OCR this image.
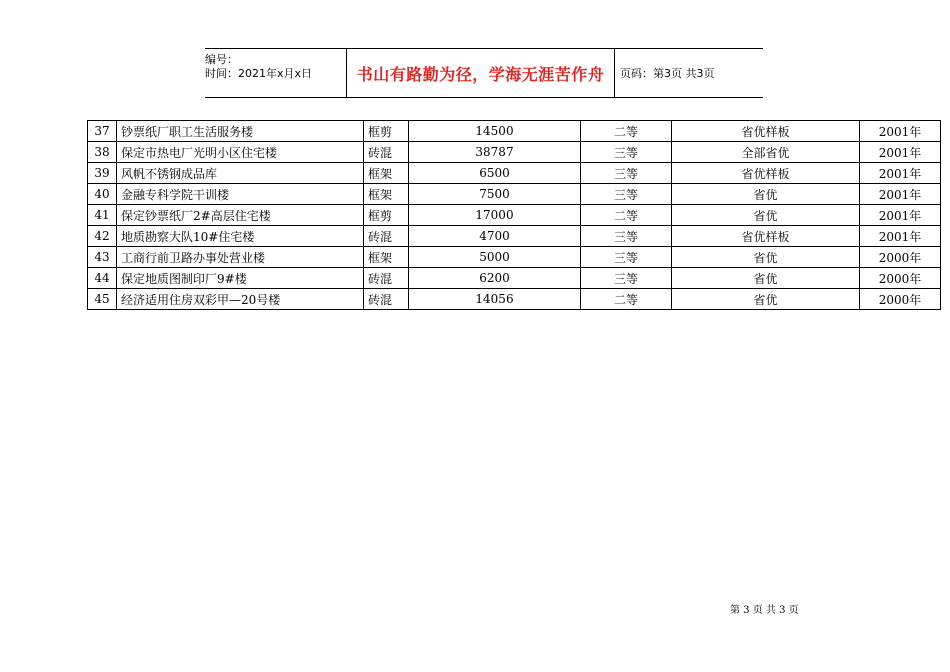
编号：
时间：2021年x月x日	书山有路勤为径，学海无涯苦作舟 页码：第3页 共3页
37	钞票纸厂职工生活服务楼	框剪	14500	二等	省优样板	2001年
38	保定市热电厂光明小区住宅楼	砖混	38787	三等	全部省优	2001年
39	风帆不锈钢成品库	框架	6500	三等	省优样板	2001年
40	金融专科学院干训楼	框架	7500	三等	省优	2001年
41	保定钞票纸厂2#高层住宅楼	框剪	17000	二等	省优	2001年
42	地质勘察大队10#住宅楼	砖混	4700	三等	省优样板	2001年
43	工商行前卫路办事处营业楼	框架	5000	三等	省优	2000年
44	保定地质图制印厂9#楼	砖混	6200	三等	省优	2000年
45	经济适用住房双彩甲—20号楼	砖混	14056	二等	省优	2000年
第 3 页 共 3 页
